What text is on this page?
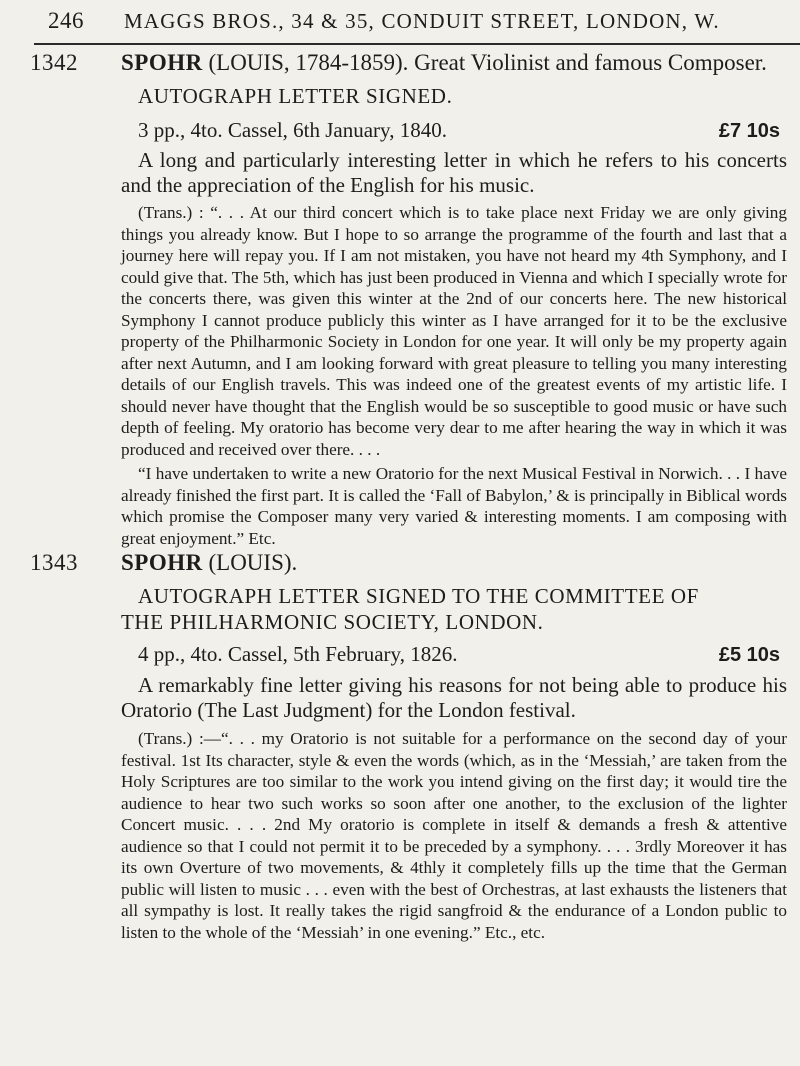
246 MAGGS BROS., 34 & 35, CONDUIT STREET, LONDON, W.
1342 SPOHR (LOUIS, 1784-1859). Great Violinist and famous Composer.
AUTOGRAPH LETTER SIGNED.
3 pp., 4to. Cassel, 6th January, 1840.	£7 10s
A long and particularly interesting letter in which he refers to his concerts and the appreciation of the English for his music.
(Trans.) : “. . . At our third concert which is to take place next Friday we are only giving things you already know. But I hope to so arrange the programme of the fourth and last that a journey here will repay you. If I am not mistaken, you have not heard my 4th Symphony, and I could give that. The 5th, which has just been produced in Vienna and which I specially wrote for the concerts there, was given this winter at the 2nd of our concerts here. The new historical Symphony I cannot produce publicly this winter as I have arranged for it to be the exclusive property of the Philharmonic Society in London for one year. It will only be my property again after next Autumn, and I am looking forward with great pleasure to telling you many interesting details of our English travels. This was indeed one of the greatest events of my artistic life. I should never have thought that the English would be so susceptible to good music or have such depth of feeling. My oratorio has become very dear to me after hearing the way in which it was produced and received over there. . . .
“I have undertaken to write a new Oratorio for the next Musical Festival in Norwich. . . I have already finished the first part. It is called the ‘Fall of Babylon,’ & is principally in Biblical words which promise the Composer many very varied & interesting moments. I am composing with great enjoyment.” Etc.
1343 SPOHR (LOUIS).
AUTOGRAPH LETTER SIGNED TO THE COMMITTEE OF
THE PHILHARMONIC SOCIETY, LONDON.
4 pp., 4to. Cassel, 5th February, 1826.	£5 10s
A remarkably fine letter giving his reasons for not being able to produce his Oratorio (The Last Judgment) for the London festival.
(Trans.) :—“. . . my Oratorio is not suitable for a performance on the second day of your festival. 1st Its character, style & even the words (which, as in the ‘Messiah,’ are taken from the Holy Scriptures are too similar to the work you intend giving on the first day; it would tire the audience to hear two such works so soon after one another, to the exclusion of the lighter Concert music. . . . 2nd My oratorio is complete in itself & demands a fresh & attentive audience so that I could not permit it to be preceded by a symphony. . . . 3rdly Moreover it has its own Overture of two movements, & 4thly it completely fills up the time that the German public will listen to music . . . even with the best of Orchestras, at last exhausts the listeners that all sympathy is lost. It really takes the rigid sangfroid & the endurance of a London public to listen to the whole of the ‘Messiah’ in one evening.” Etc., etc.
